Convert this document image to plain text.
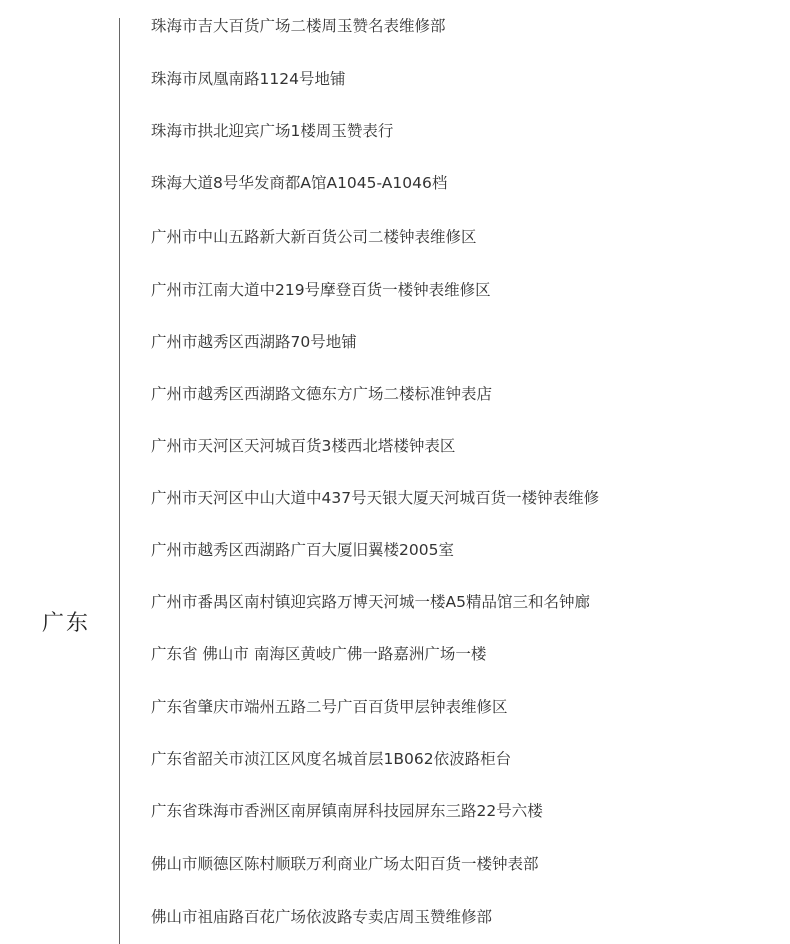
广东
珠海市吉大百货广场二楼周玉赞名表维修部
珠海市凤凰南路1124号地铺
珠海市拱北迎宾广场1楼周玉赞表行
珠海大道8号华发商都A馆A1045-A1046档
广州市中山五路新大新百货公司二楼钟表维修区
广州市江南大道中219号摩登百货一楼钟表维修区
广州市越秀区西湖路70号地铺
广州市越秀区西湖路文德东方广场二楼标准钟表店
广州市天河区天河城百货3楼西北塔楼钟表区
广州市天河区中山大道中437号天银大厦天河城百货一楼钟表维修
广州市越秀区西湖路广百大厦旧翼楼2005室
广州市番禺区南村镇迎宾路万博天河城一楼A5精品馆三和名钟廊
广东省 佛山市 南海区黄岐广佛一路嘉洲广场一楼
广东省肇庆市端州五路二号广百百货甲层钟表维修区
广东省韶关市浈江区风度名城首层1B062依波路柜台
广东省珠海市香洲区南屏镇南屏科技园屏东三路22号六楼
佛山市顺德区陈村顺联万利商业广场太阳百货一楼钟表部
佛山市祖庙路百花广场依波路专卖店周玉赞维修部
